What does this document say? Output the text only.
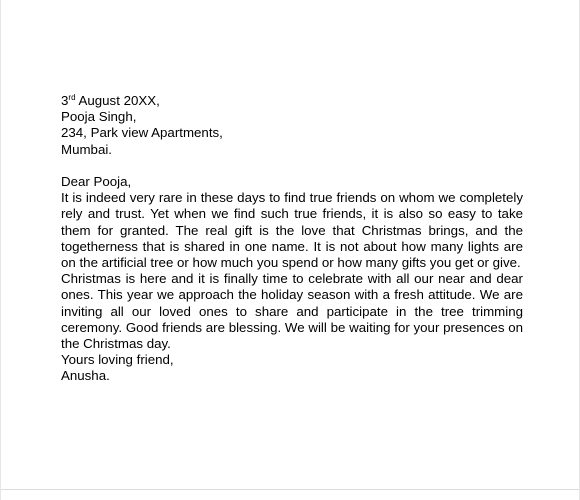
3rd August 20XX,

Pooja Singh,

234, Park view Apartments,

Mumbai.

Dear Pooja,

It is indeed very rare in these days to find true friends on whom we completely rely and trust. Yet when we find such true friends, it is also so easy to take them for granted. The real gift is the love that Christmas brings, and the togetherness that is shared in one name. It is not about how many lights are on the artificial tree or how much you spend or how many gifts you get or give.

Christmas is here and it is finally time to celebrate with all our near and dear ones. This year we approach the holiday season with a fresh attitude. We are inviting all our loved ones to share and participate in the tree trimming ceremony. Good friends are blessing. We will be waiting for your presences on the Christmas day.

Yours loving friend,

Anusha.
